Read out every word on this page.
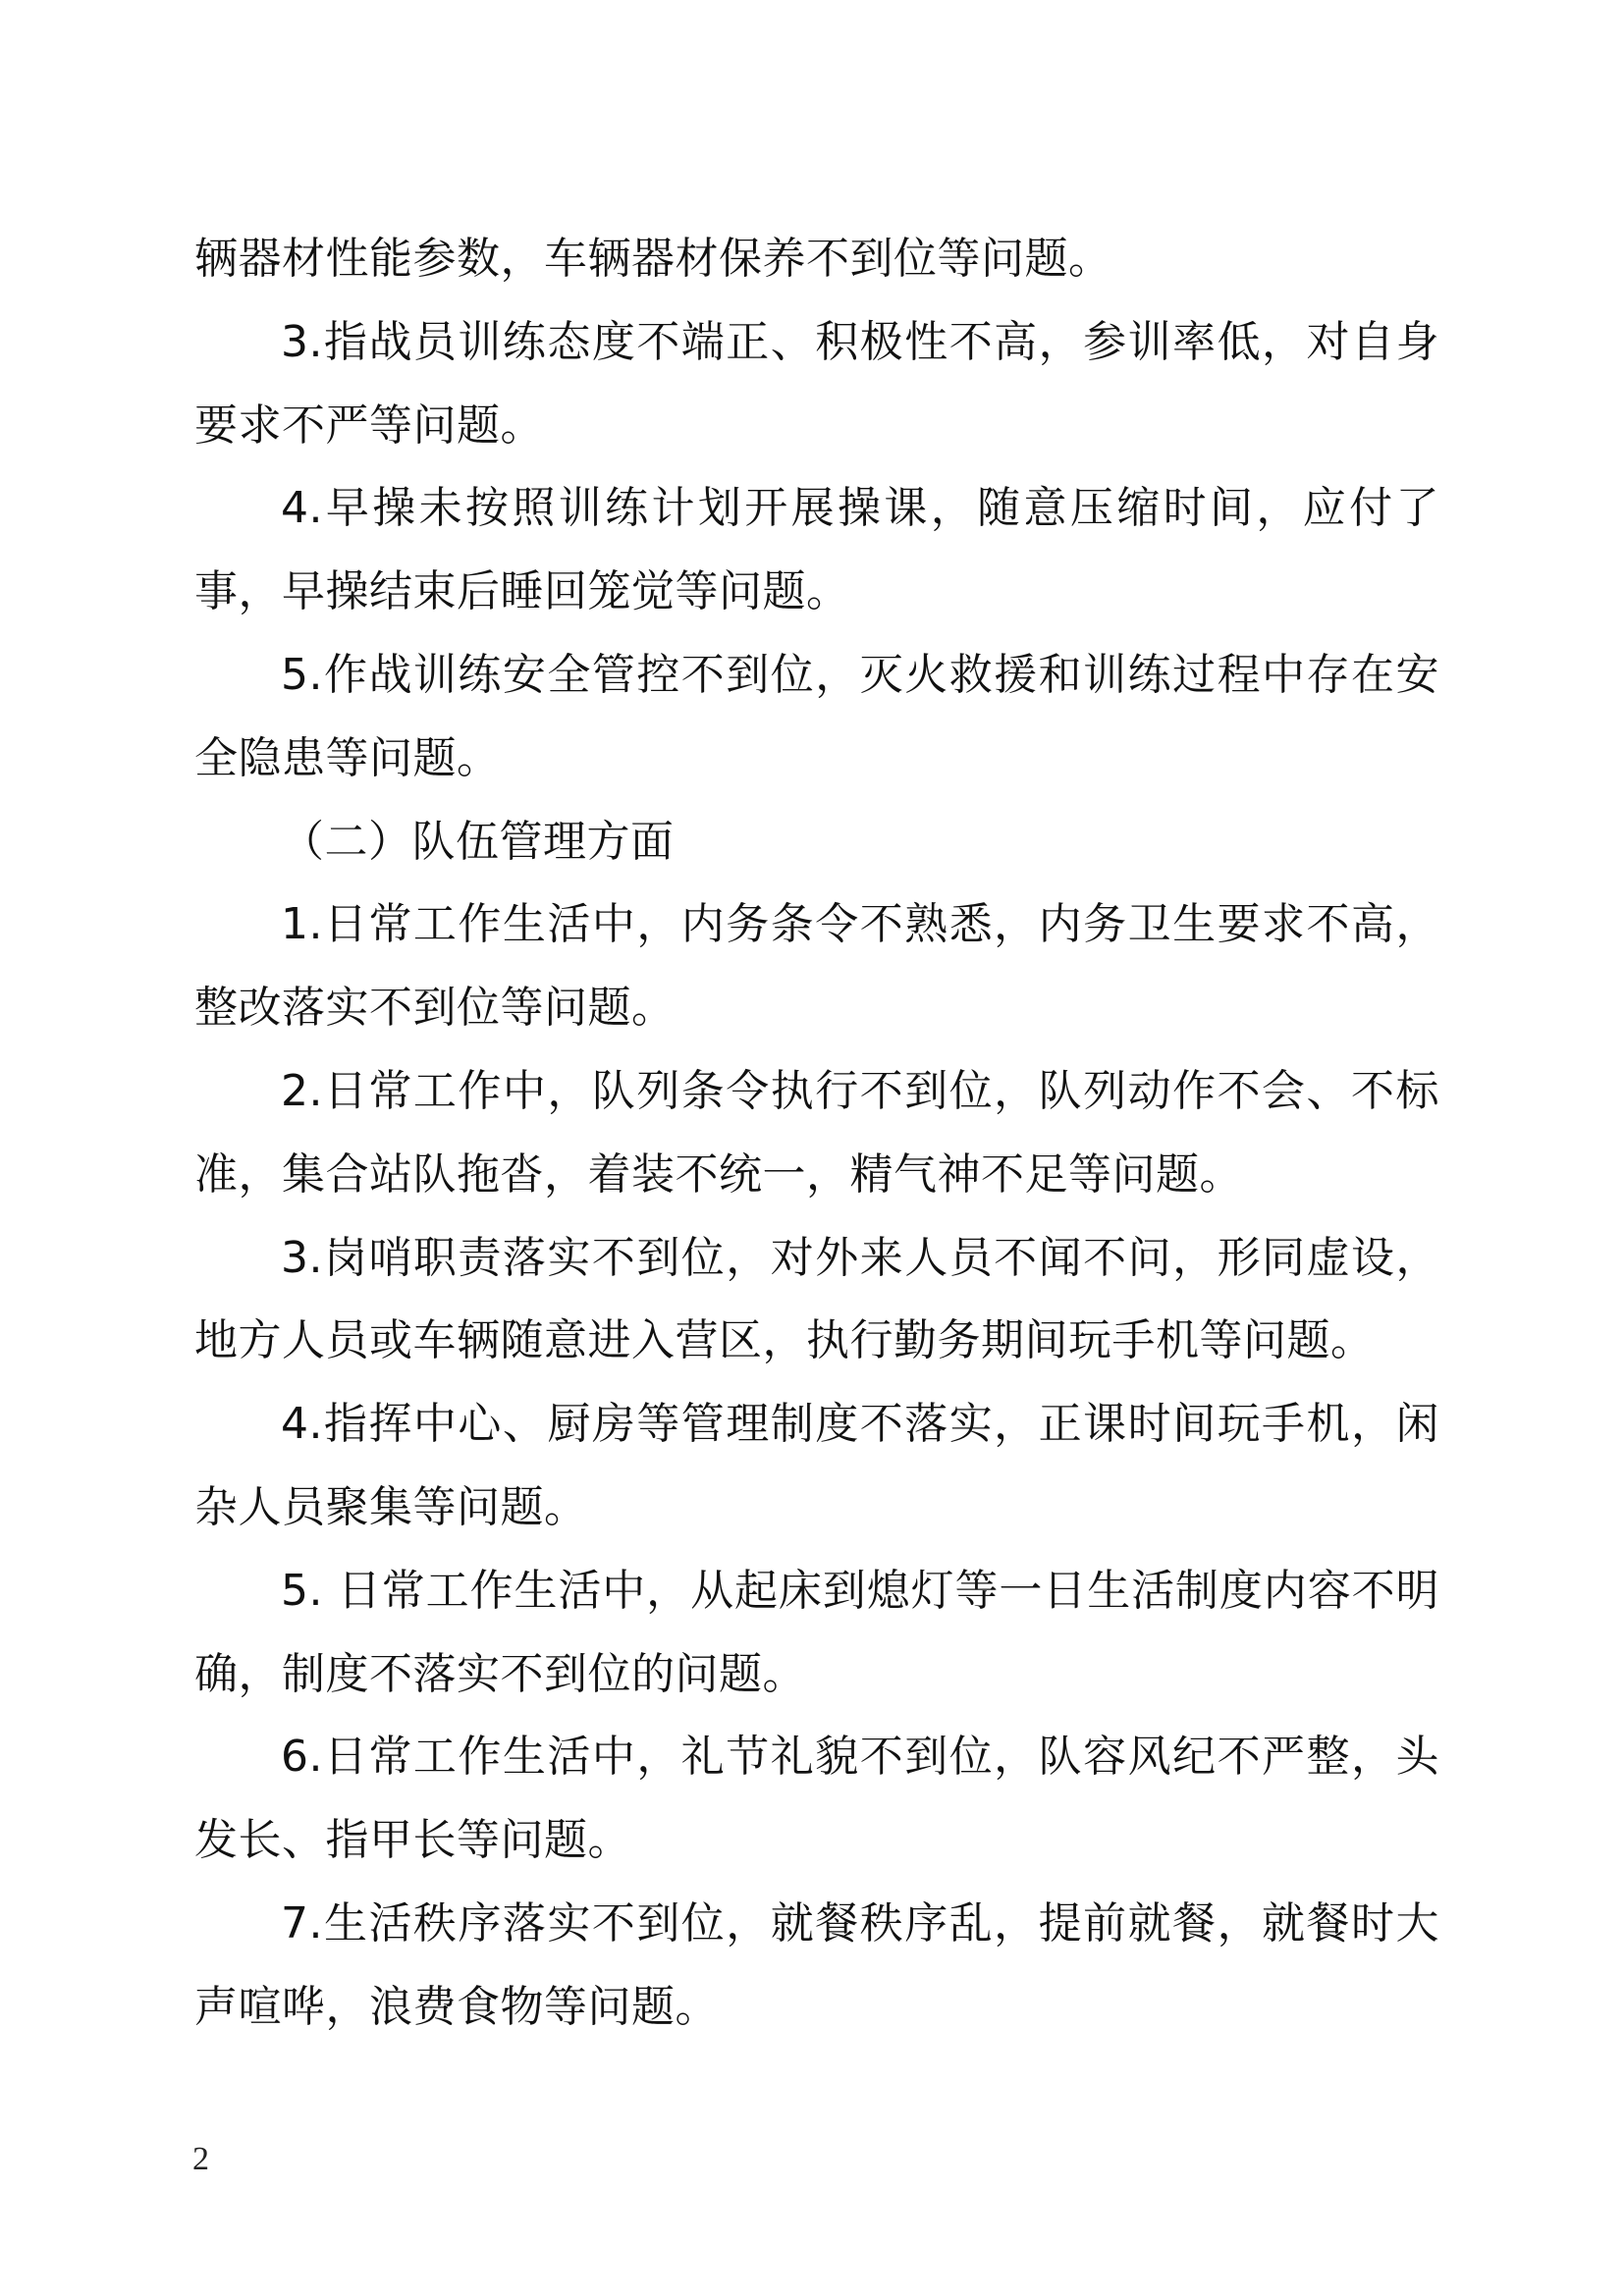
辆器材性能参数，车辆器材保养不到位等问题。

3.指战员训练态度不端正、积极性不高，参训率低，对自身要求不严等问题。

4.早操未按照训练计划开展操课，随意压缩时间，应付了事，早操结束后睡回笼觉等问题。

5.作战训练安全管控不到位，灭火救援和训练过程中存在安全隐患等问题。

（二）队伍管理方面

1.日常工作生活中，内务条令不熟悉，内务卫生要求不高，整改落实不到位等问题。

2.日常工作中，队列条令执行不到位，队列动作不会、不标准，集合站队拖沓，着装不统一，精气神不足等问题。

3.岗哨职责落实不到位，对外来人员不闻不问，形同虚设，地方人员或车辆随意进入营区，执行勤务期间玩手机等问题。

4.指挥中心、厨房等管理制度不落实，正课时间玩手机，闲杂人员聚集等问题。

5. 日常工作生活中，从起床到熄灯等一日生活制度内容不明确，制度不落实不到位的问题。

6.日常工作生活中，礼节礼貌不到位，队容风纪不严整，头发长、指甲长等问题。

7.生活秩序落实不到位，就餐秩序乱，提前就餐，就餐时大声喧哗，浪费食物等问题。

2
